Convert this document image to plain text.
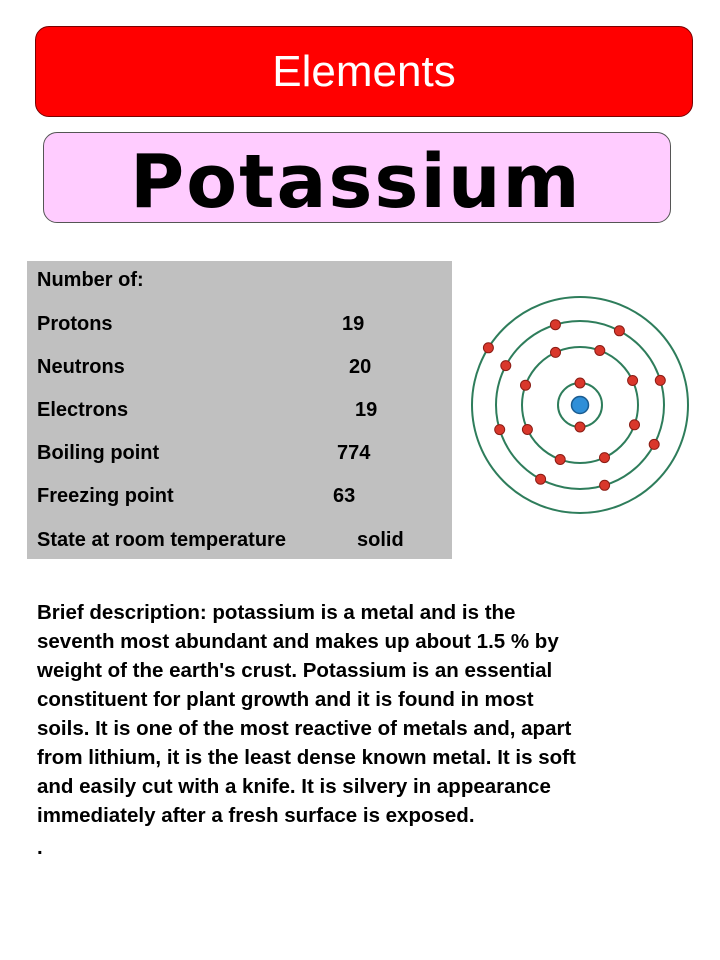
Elements
Potassium
Number of:
Protons	19
Neutrons	20
Electrons	19
Boiling point	774
Freezing point	63
State at room temperature	solid
Brief description: potassium is a metal and is the
seventh most abundant and makes up about 1.5 % by
weight of the earth's crust. Potassium is an essential
constituent for plant growth and it is found in most
soils. It is one of the most reactive of metals and, apart
from lithium, it is the least dense known metal. It is soft
and easily cut with a knife. It is silvery in appearance
immediately after a fresh surface is exposed.
.
